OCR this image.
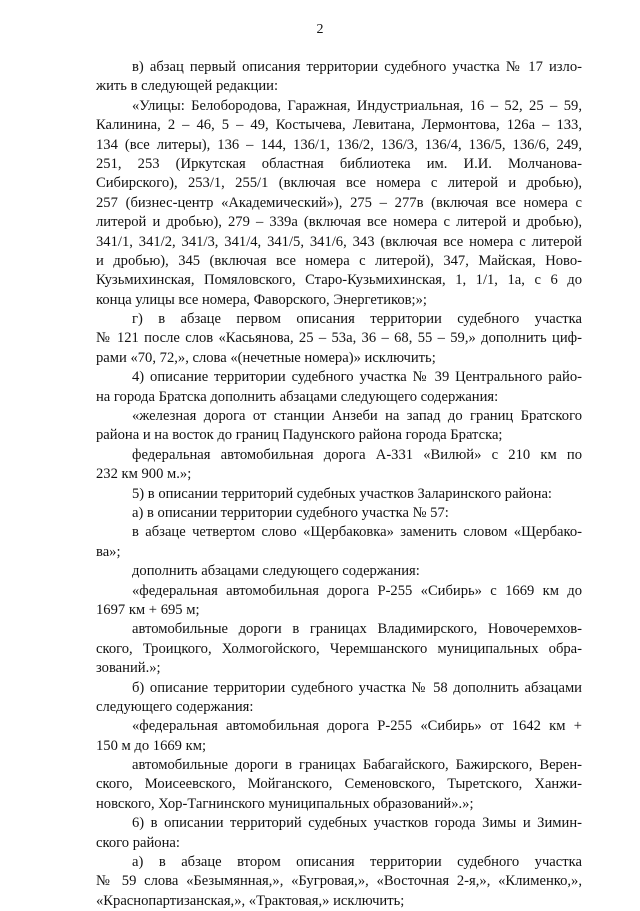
2
в) абзац первый описания территории судебного участка № 17 изло-
жить в следующей редакции:
«Улицы: Белобородова, Гаражная, Индустриальная, 16 – 52, 25 – 59,
Калинина, 2 – 46, 5 – 49, Костычева, Левитана, Лермонтова, 126а – 133,
134 (все литеры), 136 – 144, 136/1, 136/2, 136/3, 136/4, 136/5, 136/6, 249,
251, 253 (Иркутская областная библиотека им. И.И. Молчанова-
Сибирского), 253/1, 255/1 (включая все номера с литерой и дробью),
257 (бизнес-центр «Академический»), 275 – 277в (включая все номера с
литерой и дробью), 279 – 339а (включая все номера с литерой и дробью),
341/1, 341/2, 341/3, 341/4, 341/5, 341/6, 343 (включая все номера с литерой
и дробью), 345 (включая все номера с литерой), 347, Майская, Ново-
Кузьмихинская, Помяловского, Старо-Кузьмихинская, 1, 1/1, 1а, с 6 до
конца улицы все номера, Фаворского, Энергетиков;»;
г) в абзаце первом описания территории судебного участка
№ 121 после слов «Касьянова, 25 – 53а, 36 – 68, 55 – 59,» дополнить циф-
рами «70, 72,», слова «(нечетные номера)» исключить;
4) описание территории судебного участка № 39 Центрального райо-
на города Братска дополнить абзацами следующего содержания:
«железная дорога от станции Анзеби на запад до границ Братского
района и на восток до границ Падунского района города Братска;
федеральная автомобильная дорога А-331 «Вилюй» с 210 км по
232 км 900 м.»;
5) в описании территорий судебных участков Заларинского района:
а) в описании территории судебного участка № 57:
в абзаце четвертом слово «Щербаковка» заменить словом «Щербако-
ва»;
дополнить абзацами следующего содержания:
«федеральная автомобильная дорога Р-255 «Сибирь» с 1669 км до
1697 км + 695 м;
автомобильные дороги в границах Владимирского, Новочеремхов-
ского, Троицкого, Холмогойского, Черемшанского муниципальных обра-
зований.»;
б) описание территории судебного участка № 58 дополнить абзацами
следующего содержания:
«федеральная автомобильная дорога Р-255 «Сибирь» от 1642 км +
150 м до 1669 км;
автомобильные дороги в границах Бабагайского, Бажирского, Верен-
ского, Моисеевского, Мойганского, Семеновского, Тыретского, Ханжи-
новского, Хор-Тагнинского муниципальных образований».»;
6) в описании территорий судебных участков города Зимы и Зимин-
ского района:
а) в абзаце втором описания территории судебного участка
№ 59 слова «Безымянная,», «Бугровая,», «Восточная 2-я,», «Клименко,»,
«Краснопартизанская,», «Трактовая,» исключить;
